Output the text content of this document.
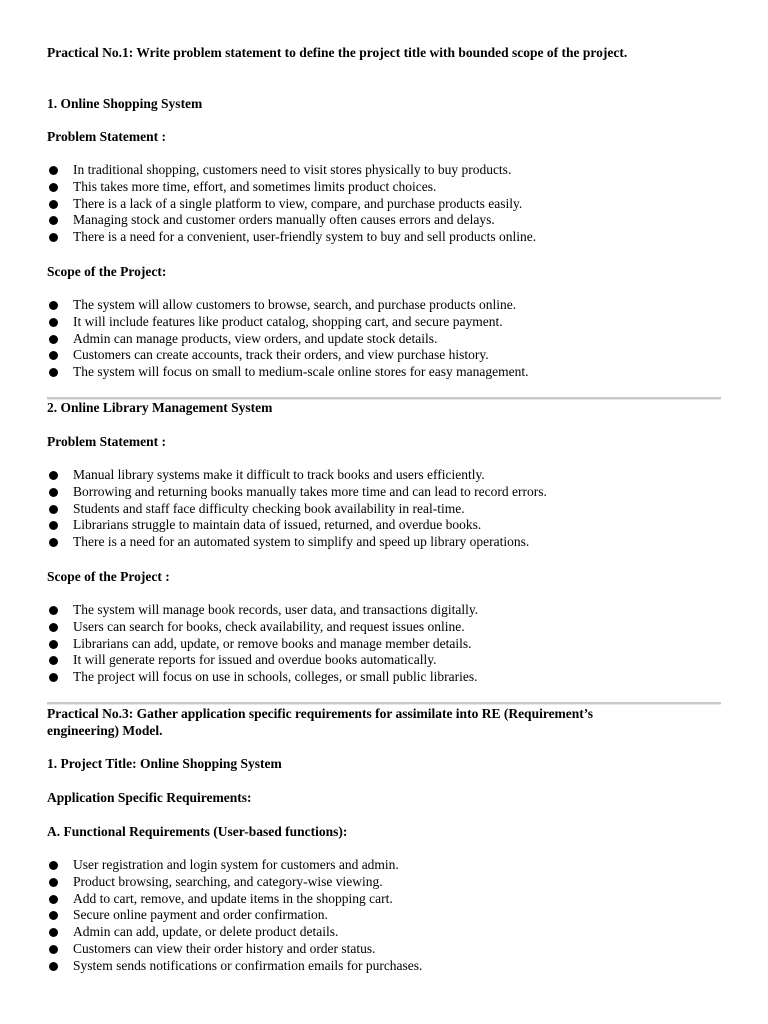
Practical No.1: Write problem statement to define the project title with bounded scope of the project.
1. Online Shopping System
Problem Statement :
In traditional shopping, customers need to visit stores physically to buy products.
This takes more time, effort, and sometimes limits product choices.
There is a lack of a single platform to view, compare, and purchase products easily.
Managing stock and customer orders manually often causes errors and delays.
There is a need for a convenient, user-friendly system to buy and sell products online.
Scope of the Project:
The system will allow customers to browse, search, and purchase products online.
It will include features like product catalog, shopping cart, and secure payment.
Admin can manage products, view orders, and update stock details.
Customers can create accounts, track their orders, and view purchase history.
The system will focus on small to medium-scale online stores for easy management.
2. Online Library Management System
Problem Statement :
Manual library systems make it difficult to track books and users efficiently.
Borrowing and returning books manually takes more time and can lead to record errors.
Students and staff face difficulty checking book availability in real-time.
Librarians struggle to maintain data of issued, returned, and overdue books.
There is a need for an automated system to simplify and speed up library operations.
Scope of the Project :
The system will manage book records, user data, and transactions digitally.
Users can search for books, check availability, and request issues online.
Librarians can add, update, or remove books and manage member details.
It will generate reports for issued and overdue books automatically.
The project will focus on use in schools, colleges, or small public libraries.
Practical No.3: Gather application specific requirements for assimilate into RE (Requirement’s
engineering) Model.
1. Project Title: Online Shopping System
Application Specific Requirements:
A. Functional Requirements (User-based functions):
User registration and login system for customers and admin.
Product browsing, searching, and category-wise viewing.
Add to cart, remove, and update items in the shopping cart.
Secure online payment and order confirmation.
Admin can add, update, or delete product details.
Customers can view their order history and order status.
System sends notifications or confirmation emails for purchases.
